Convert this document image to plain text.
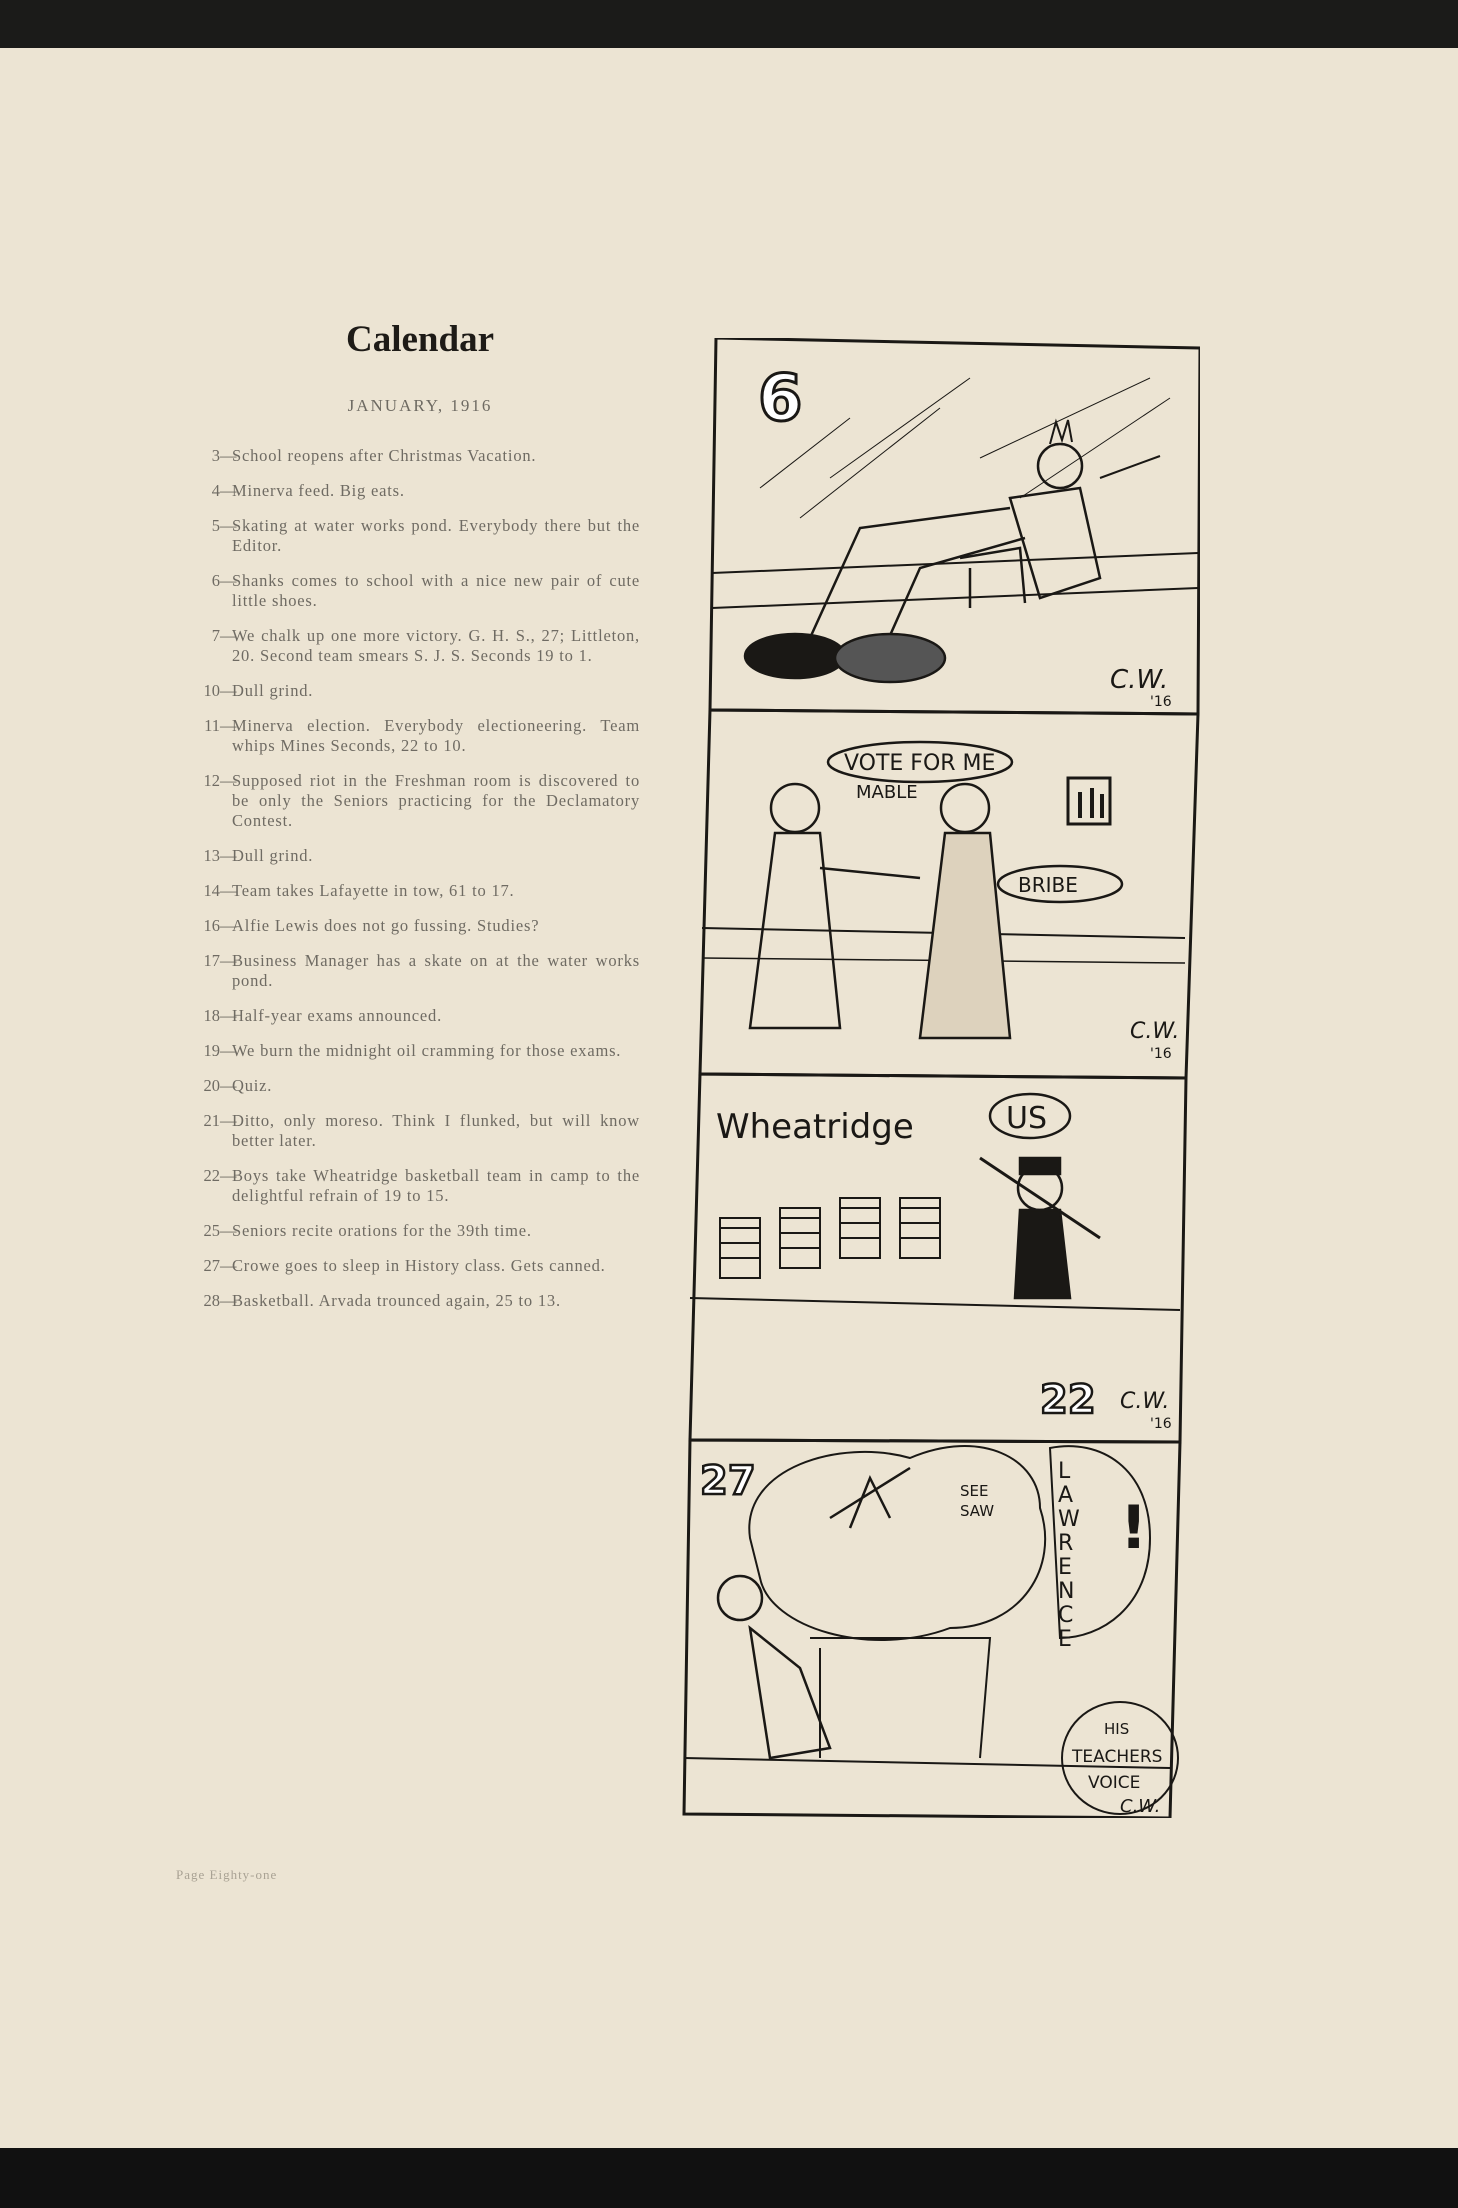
Calendar
JANUARY, 1916
3 —
School reopens after Christmas Vacation.
4 —
Minerva feed. Big eats.
5 —
Skating at water works pond. Everybody there but the Editor.
6 —
Shanks comes to school with a nice new pair of cute little shoes.
7 —
We chalk up one more victory. G. H. S., 27; Littleton, 20. Second team smears S. J. S. Seconds 19 to 1.
10 —
Dull grind.
11 —
Minerva election. Everybody electioneering. Team whips Mines Seconds, 22 to 10.
12 —
Supposed riot in the Freshman room is discovered to be only the Seniors practicing for the Declamatory Contest.
13 —
Dull grind.
14 —
Team takes Lafayette in tow, 61 to 17.
16 —
Alfie Lewis does not go fussing. Studies?
17 —
Business Manager has a skate on at the water works pond.
18 —
Half-year exams announced.
19 —
We burn the midnight oil cramming for those exams.
20 —
Quiz.
21 —
Ditto, only moreso. Think I flunked, but will know better later.
22 —
Boys take Wheatridge basketball team in camp to the delightful refrain of 19 to 15.
25 —
Seniors recite orations for the 39th time.
27 —
Crowe goes to sleep in History class. Gets canned.
28 —
Basketball. Arvada trounced again, 25 to 13.
Page Eighty-one
6
C.W.
'16
VOTE FOR ME
MABLE
BRIBE
C.W.
'16
Wheatridge	US
22 C.W.
'16
27	SEE
SAW
L
A
W
R
E
N
C
E
!
HIS
TEACHERS
VOICE
C.W.
